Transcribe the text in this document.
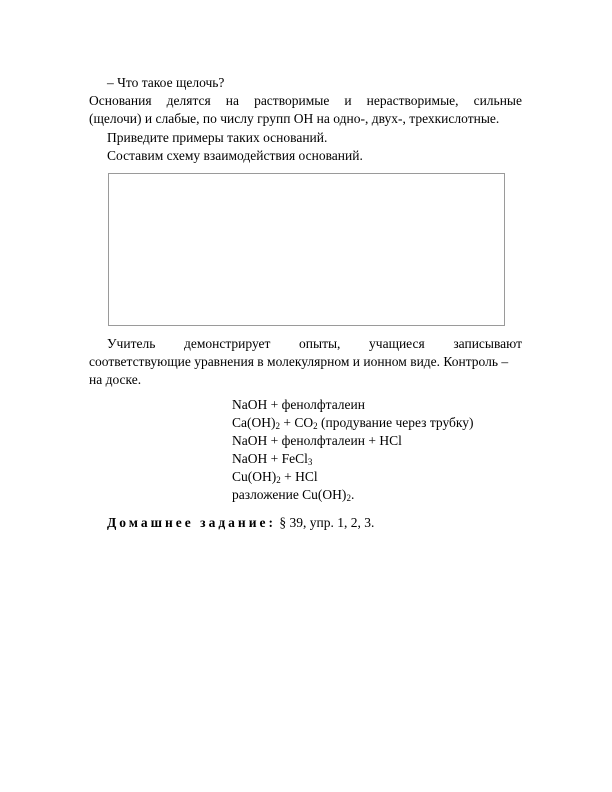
– Что такое щелочь?
Основания делятся на растворимые и нерастворимые, сильные
(щелочи) и слабые, по числу групп ОН на одно-, двух-, трехкислотные.
Приведите примеры таких оснований.
Составим схему взаимодействия оснований.
Учитель демонстрирует опыты, учащиеся записывают
соответствующие уравнения в молекулярном и ионном виде. Контроль –
на доске.
NaOH + фенолфталеин
$Ca(OH)_2 + CO_2$ (продувание через трубку)
NaOH + фенолфталеин + HCl
NaOH + FeCl$_3$
$Cu(OH)_2$ + HCl
разложение $Cu(OH)_2$.
Домашнее задание: § 39, упр. 1, 2, 3.
